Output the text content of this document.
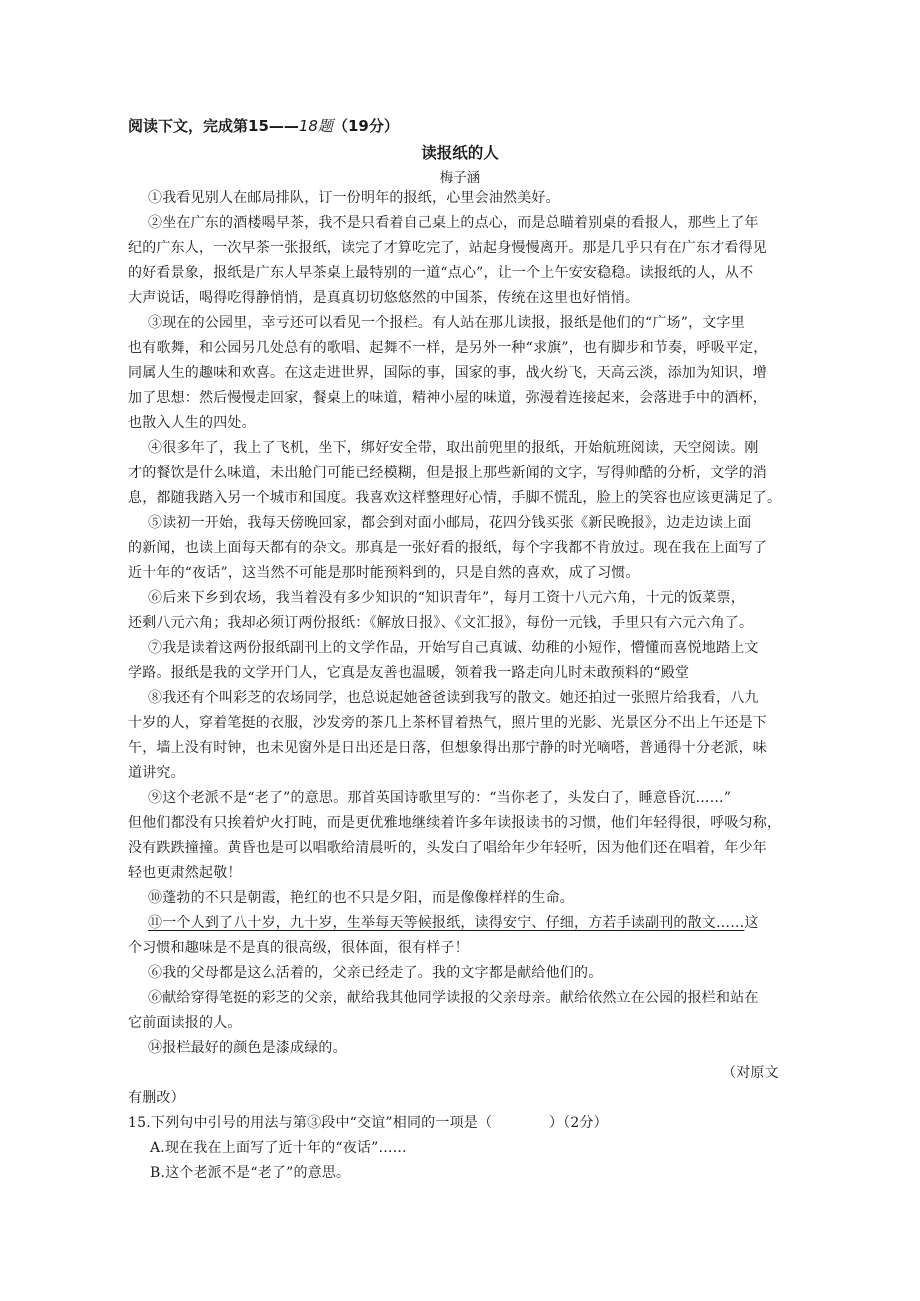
阅读下文，完成第15——18题（19分）
读报纸的人
梅子涵
①我看见别人在邮局排队，订一份明年的报纸，心里会油然美好。
②坐在广东的酒楼喝早茶，我不是只看着自己桌上的点心，而是总瞄着别桌的看报人，那些上了年
纪的广东人，一次早茶一张报纸，读完了才算吃完了，站起身慢慢离开。那是几乎只有在广东才看得见
的好看景象，报纸是广东人早茶桌上最特别的一道“点心”，让一个上午安安稳稳。读报纸的人，从不
大声说话，喝得吃得静悄悄，是真真切切悠悠然的中国茶，传统在这里也好悄悄。
③现在的公园里，幸亏还可以看见一个报栏。有人站在那儿读报，报纸是他们的“广场”，文字里
也有歌舞，和公园另几处总有的歌唱、起舞不一样，是另外一种“求旗”，也有脚步和节奏，呼吸平定，
同属人生的趣味和欢喜。在这走进世界，国际的事，国家的事，战火纷飞，天高云淡，添加为知识，增
加了思想：然后慢慢走回家，餐桌上的味道，精神小屋的味道，弥漫着连接起来，会落进手中的酒杯，
也散入人生的四处。
④很多年了，我上了飞机，坐下，绑好安全带，取出前兜里的报纸，开始航班阅读，天空阅读。刚
才的餐饮是什么味道，未出舱门可能已经模糊，但是报上那些新闻的文字，写得帅酷的分析，文学的消
息，都随我踏入另一个城市和国度。我喜欢这样整理好心情，手脚不慌乱，脸上的笑容也应该更满足了。
⑤读初一开始，我每天傍晚回家，都会到对面小邮局，花四分钱买张《新民晚报》，边走边读上面
的新闻，也读上面每天都有的杂文。那真是一张好看的报纸，每个字我都不肯放过。现在我在上面写了
近十年的“夜话”，这当然不可能是那时能预料到的，只是自然的喜欢，成了习惯。
⑥后来下乡到农场，我当着没有多少知识的“知识青年”，每月工资十八元六角，十元的饭菜票，
还剩八元六角；我却必须订两份报纸：《解放日报》、《文汇报》，每份一元钱，手里只有六元六角了。
⑦我是读着这两份报纸副刊上的文学作品，开始写自己真诚、幼稚的小短作，懵懂而喜悦地踏上文
学路。报纸是我的文学开门人，它真是友善也温暖，领着我一路走向儿时未敢预料的“殿堂
⑧我还有个叫彩芝的农场同学，也总说起她爸爸读到我写的散文。她还拍过一张照片给我看，八九
十岁的人，穿着笔挺的衣服，沙发旁的茶几上茶杯冒着热气，照片里的光影、光景区分不出上午还是下
午，墙上没有时钟，也未见窗外是日出还是日落，但想象得出那宁静的时光嘀嗒，普通得十分老派，味
道讲究。
⑨这个老派不是“老了”的意思。那首英国诗歌里写的：“当你老了，头发白了，睡意昏沉……”
但他们都没有只挨着炉火打盹，而是更优雅地继续着许多年读报读书的习惯，他们年轻得很，呼吸匀称，
没有跌跌撞撞。黄昏也是可以唱歌给清晨听的，头发白了唱给年少年轻听，因为他们还在唱着，年少年
轻也更肃然起敬！
⑩蓬勃的不只是朝霞，艳红的也不只是夕阳，而是像像样样的生命。
⑪一个人到了八十岁，九十岁，生举每天等候报纸，读得安宁、仔细，方若手读副刊的散文……这
个习惯和趣味是不是真的很高级，很体面，很有样子！
⑥我的父母都是这么活着的，父亲已经走了。我的文字都是献给他们的。
⑥献给穿得笔挺的彩芝的父亲，献给我其他同学读报的父亲母亲。献给依然立在公园的报栏和站在
它前面读报的人。
⑭报栏最好的颜色是漆成绿的。
（对原文
有删改）
15.下列句中引号的用法与第③段中“交谊”相同的一项是（　　　　）（2分）
A.现在我在上面写了近十年的“夜话”……
B.这个老派不是“老了”的意思。
